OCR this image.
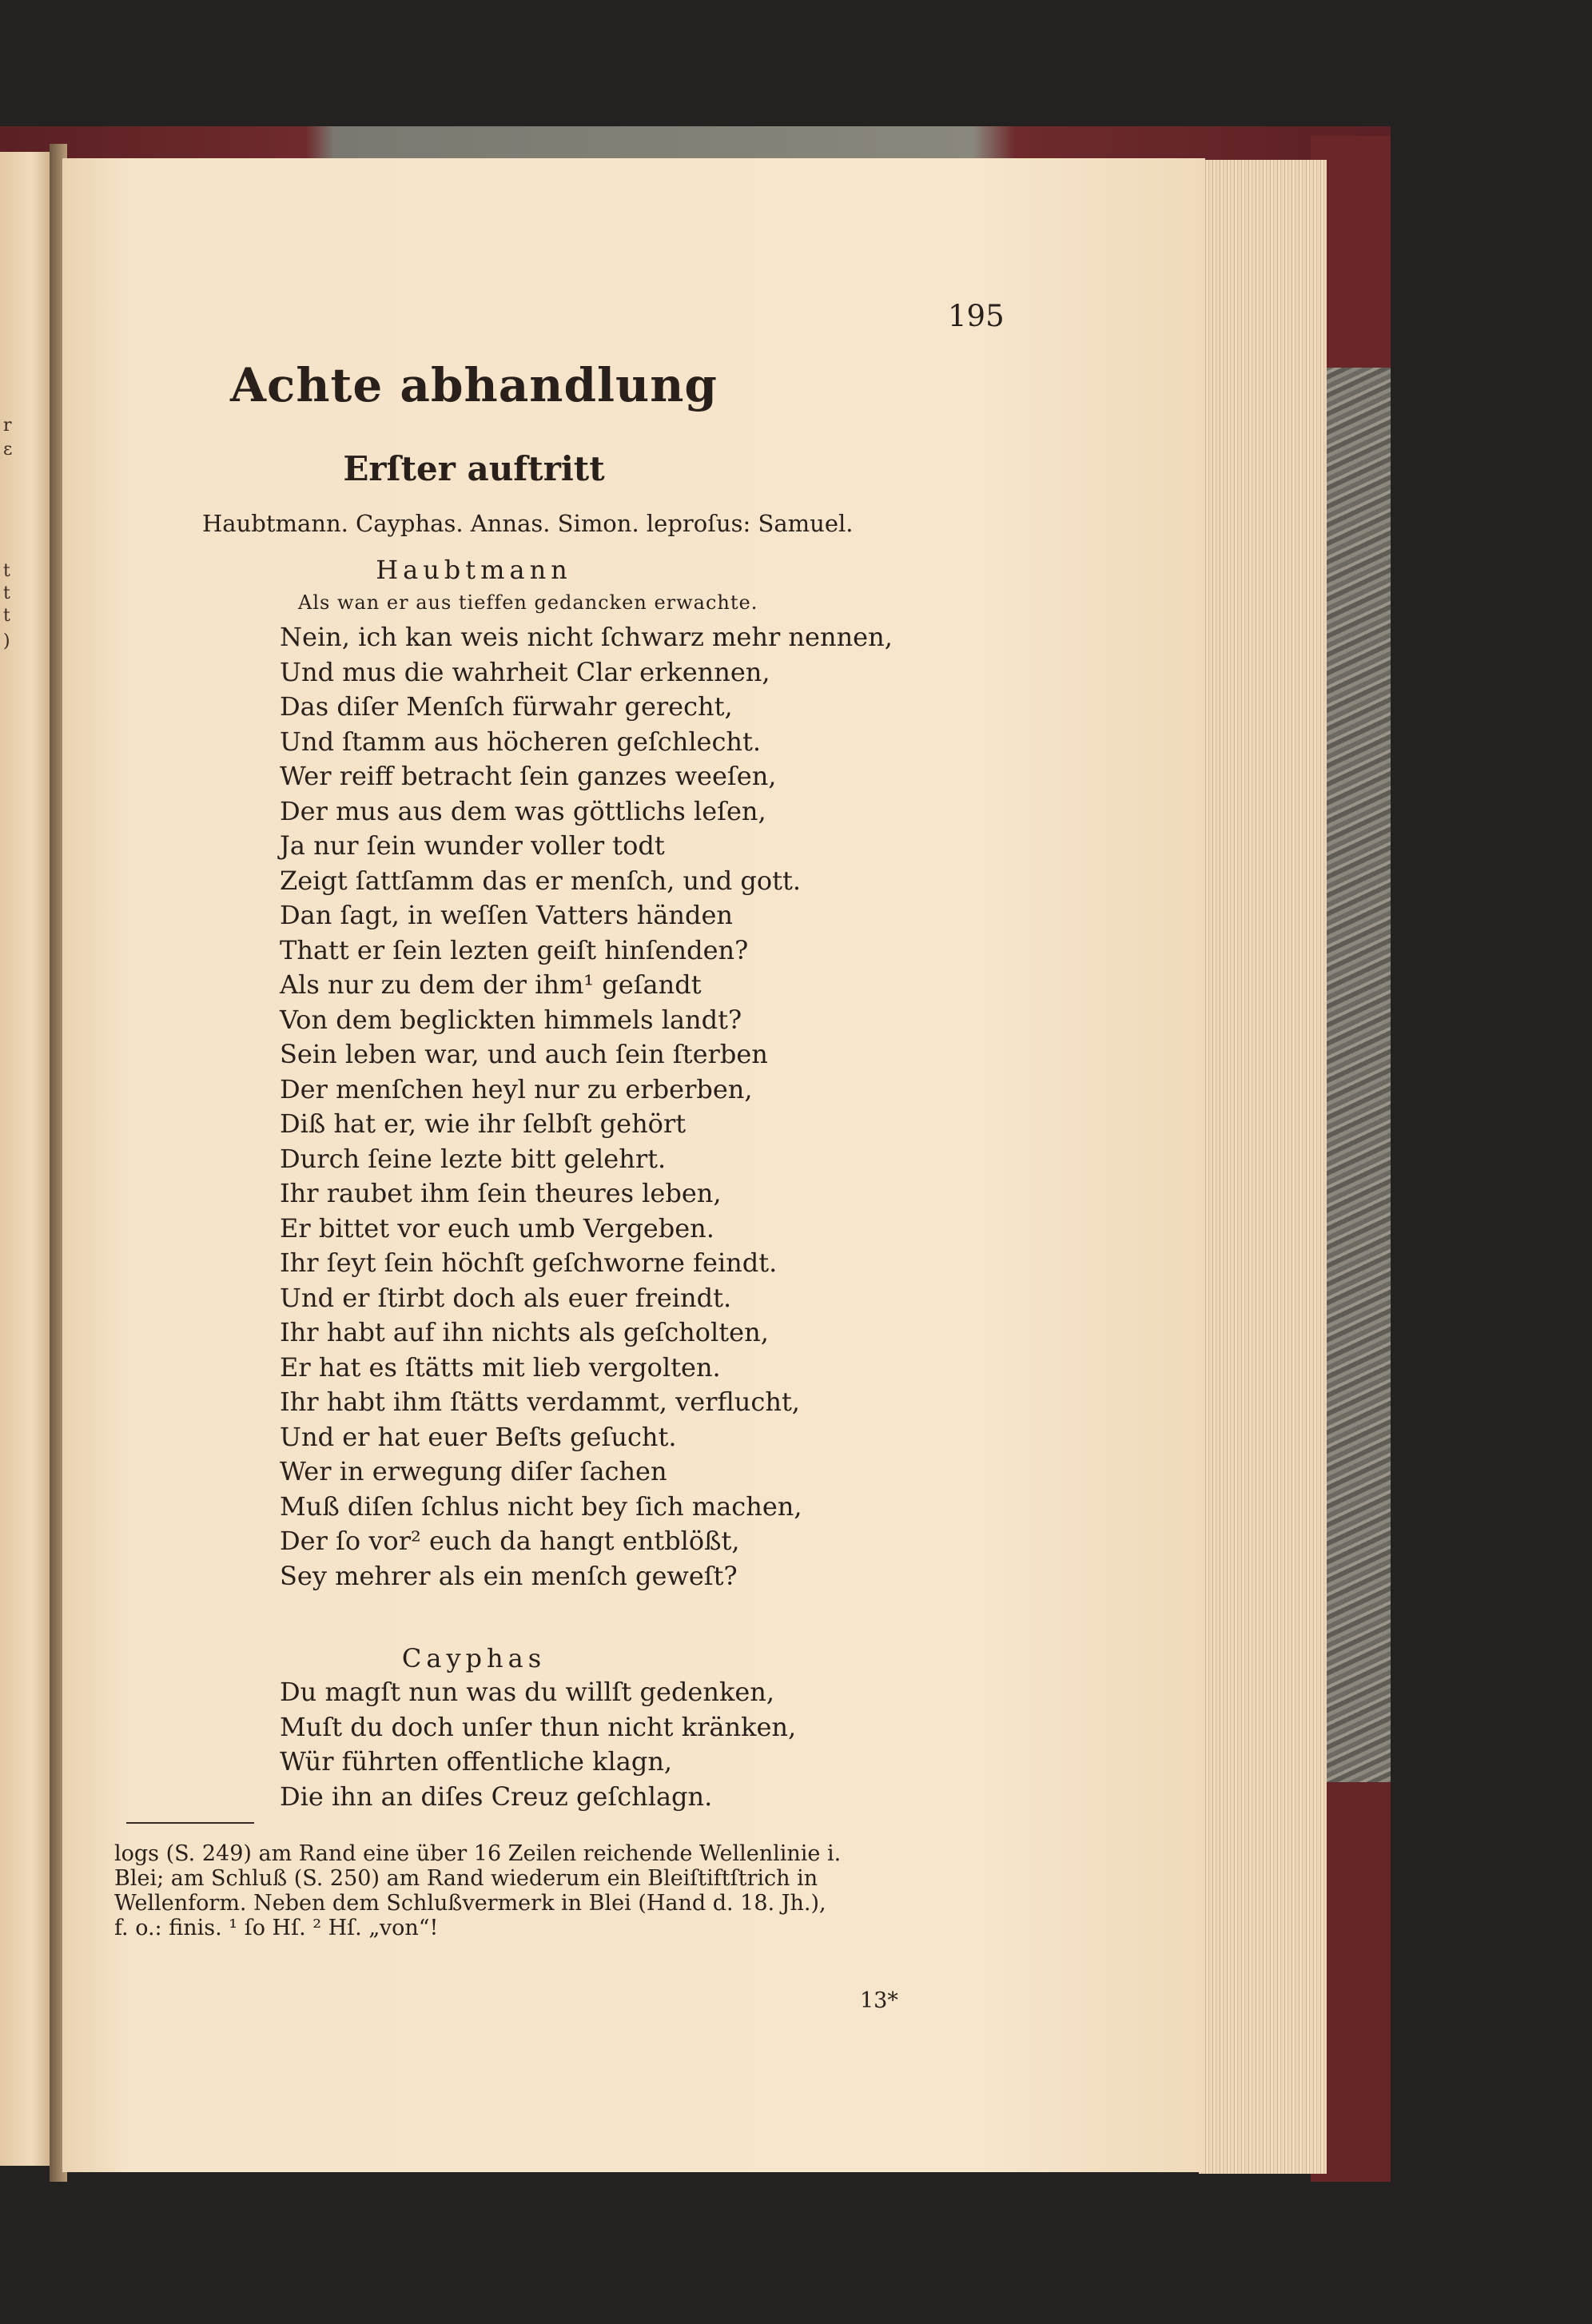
r
ɛ
t
t
t
)
195
Achte abhandlung
Erſter auftritt
Haubtmann. Cayphas. Annas. Simon. leproſus: Samuel.
Haubtmann
Als wan er aus tieffen gedancken erwachte.
Nein, ich kan weis nicht ſchwarz mehr nennen,
Und mus die wahrheit Clar erkennen,
Das diſer Menſch fürwahr gerecht,
Und ſtamm aus höcheren geſchlecht.
Wer reiff betracht ſein ganzes weeſen,
Der mus aus dem was göttlichs leſen,
Ja nur ſein wunder voller todt
Zeigt ſattſamm das er menſch, und gott.
Dan ſagt, in weſſen Vatters händen
Thatt er ſein lezten geiſt hinſenden?
Als nur zu dem der ihm¹ geſandt
Von dem beglickten himmels landt?
Sein leben war, und auch ſein ſterben
Der menſchen heyl nur zu erberben,
Diß hat er, wie ihr ſelbſt gehört
Durch ſeine lezte bitt gelehrt.
Ihr raubet ihm ſein theures leben,
Er bittet vor euch umb Vergeben.
Ihr ſeyt ſein höchſt geſchworne feindt.
Und er ſtirbt doch als euer freindt.
Ihr habt auf ihn nichts als geſcholten,
Er hat es ſtätts mit lieb vergolten.
Ihr habt ihm ſtätts verdammt, verflucht,
Und er hat euer Beſts geſucht.
Wer in erwegung diſer ſachen
Muß diſen ſchlus nicht bey ſich machen,
Der ſo vor² euch da hangt entblößt,
Sey mehrer als ein menſch geweſt?
Cayphas
Du magſt nun was du willſt gedenken,
Muſt du doch unſer thun nicht kränken,
Wür führten offentliche klagn,
Die ihn an diſes Creuz geſchlagn.
logs (S. 249) am Rand eine über 16 Zeilen reichende Wellenlinie i.
Blei; am Schluß (S. 250) am Rand wiederum ein Bleiſtiftſtrich in
Wellenform. Neben dem Schlußvermerk in Blei (Hand d. 18. Jh.),
f. o.: finis. ¹ ſo Hſ. ² Hſ. „von“!
13*
